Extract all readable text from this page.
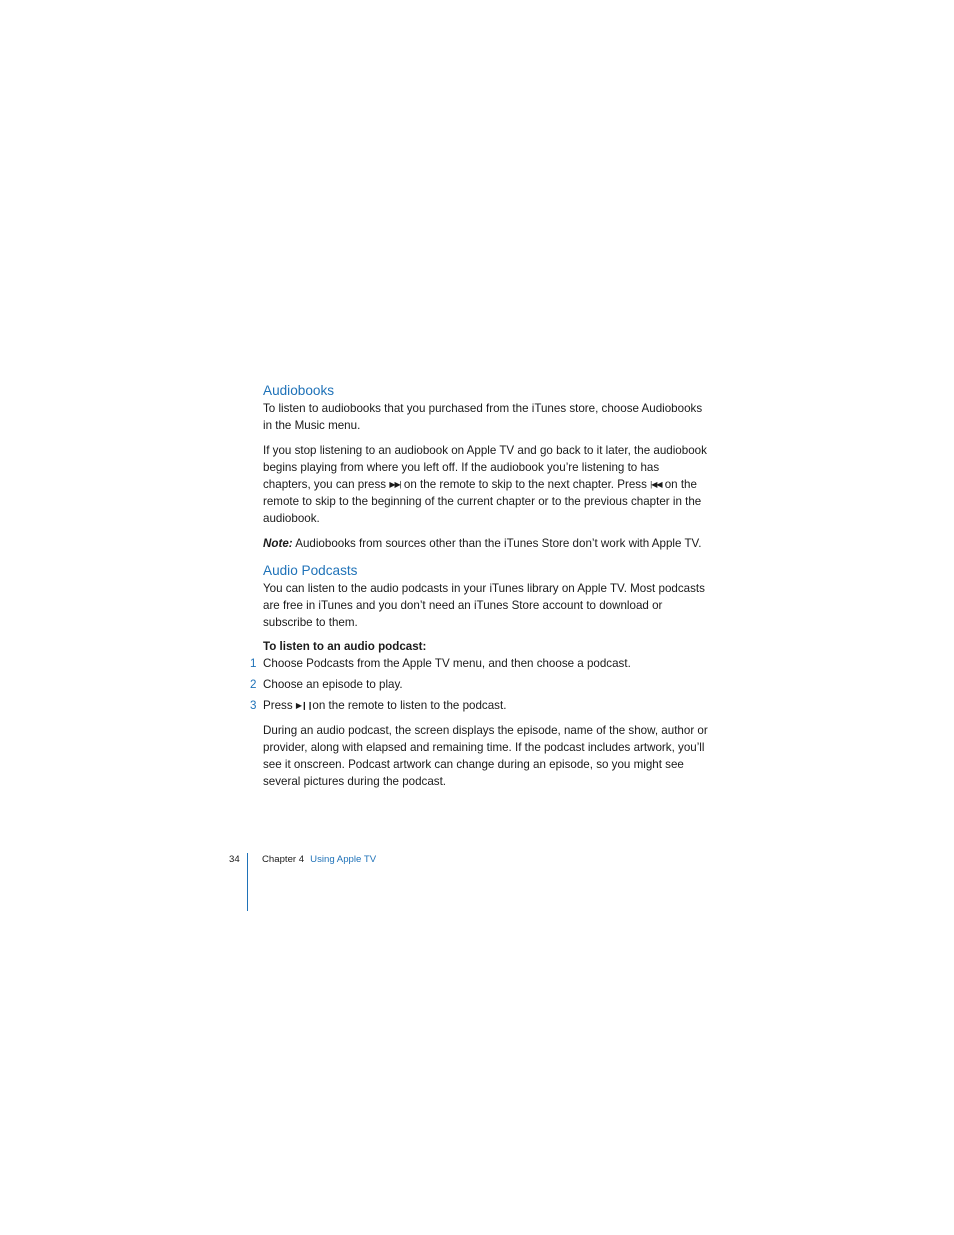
Audiobooks

To listen to audiobooks that you purchased from the iTunes store, choose Audiobooks in the Music menu.

If you stop listening to an audiobook on Apple TV and go back to it later, the audiobook begins playing from where you left off. If the audiobook you’re listening to has chapters, you can press ▶▶| on the remote to skip to the next chapter. Press |◀◀ on the remote to skip to the beginning of the current chapter or to the previous chapter in the audiobook.

Note: Audiobooks from sources other than the iTunes Store don’t work with Apple TV.

Audio Podcasts

You can listen to the audio podcasts in your iTunes library on Apple TV. Most podcasts are free in iTunes and you don’t need an iTunes Store account to download or subscribe to them.

To listen to an audio podcast:

1 Choose Podcasts from the Apple TV menu, and then choose a podcast.
2 Choose an episode to play.
3 Press ▶❙❙on the remote to listen to the podcast.

During an audio podcast, the screen displays the episode, name of the show, author or provider, along with elapsed and remaining time. If the podcast includes artwork, you’ll see it onscreen. Podcast artwork can change during an episode, so you might see several pictures during the podcast.

34 Chapter 4 Using Apple TV
